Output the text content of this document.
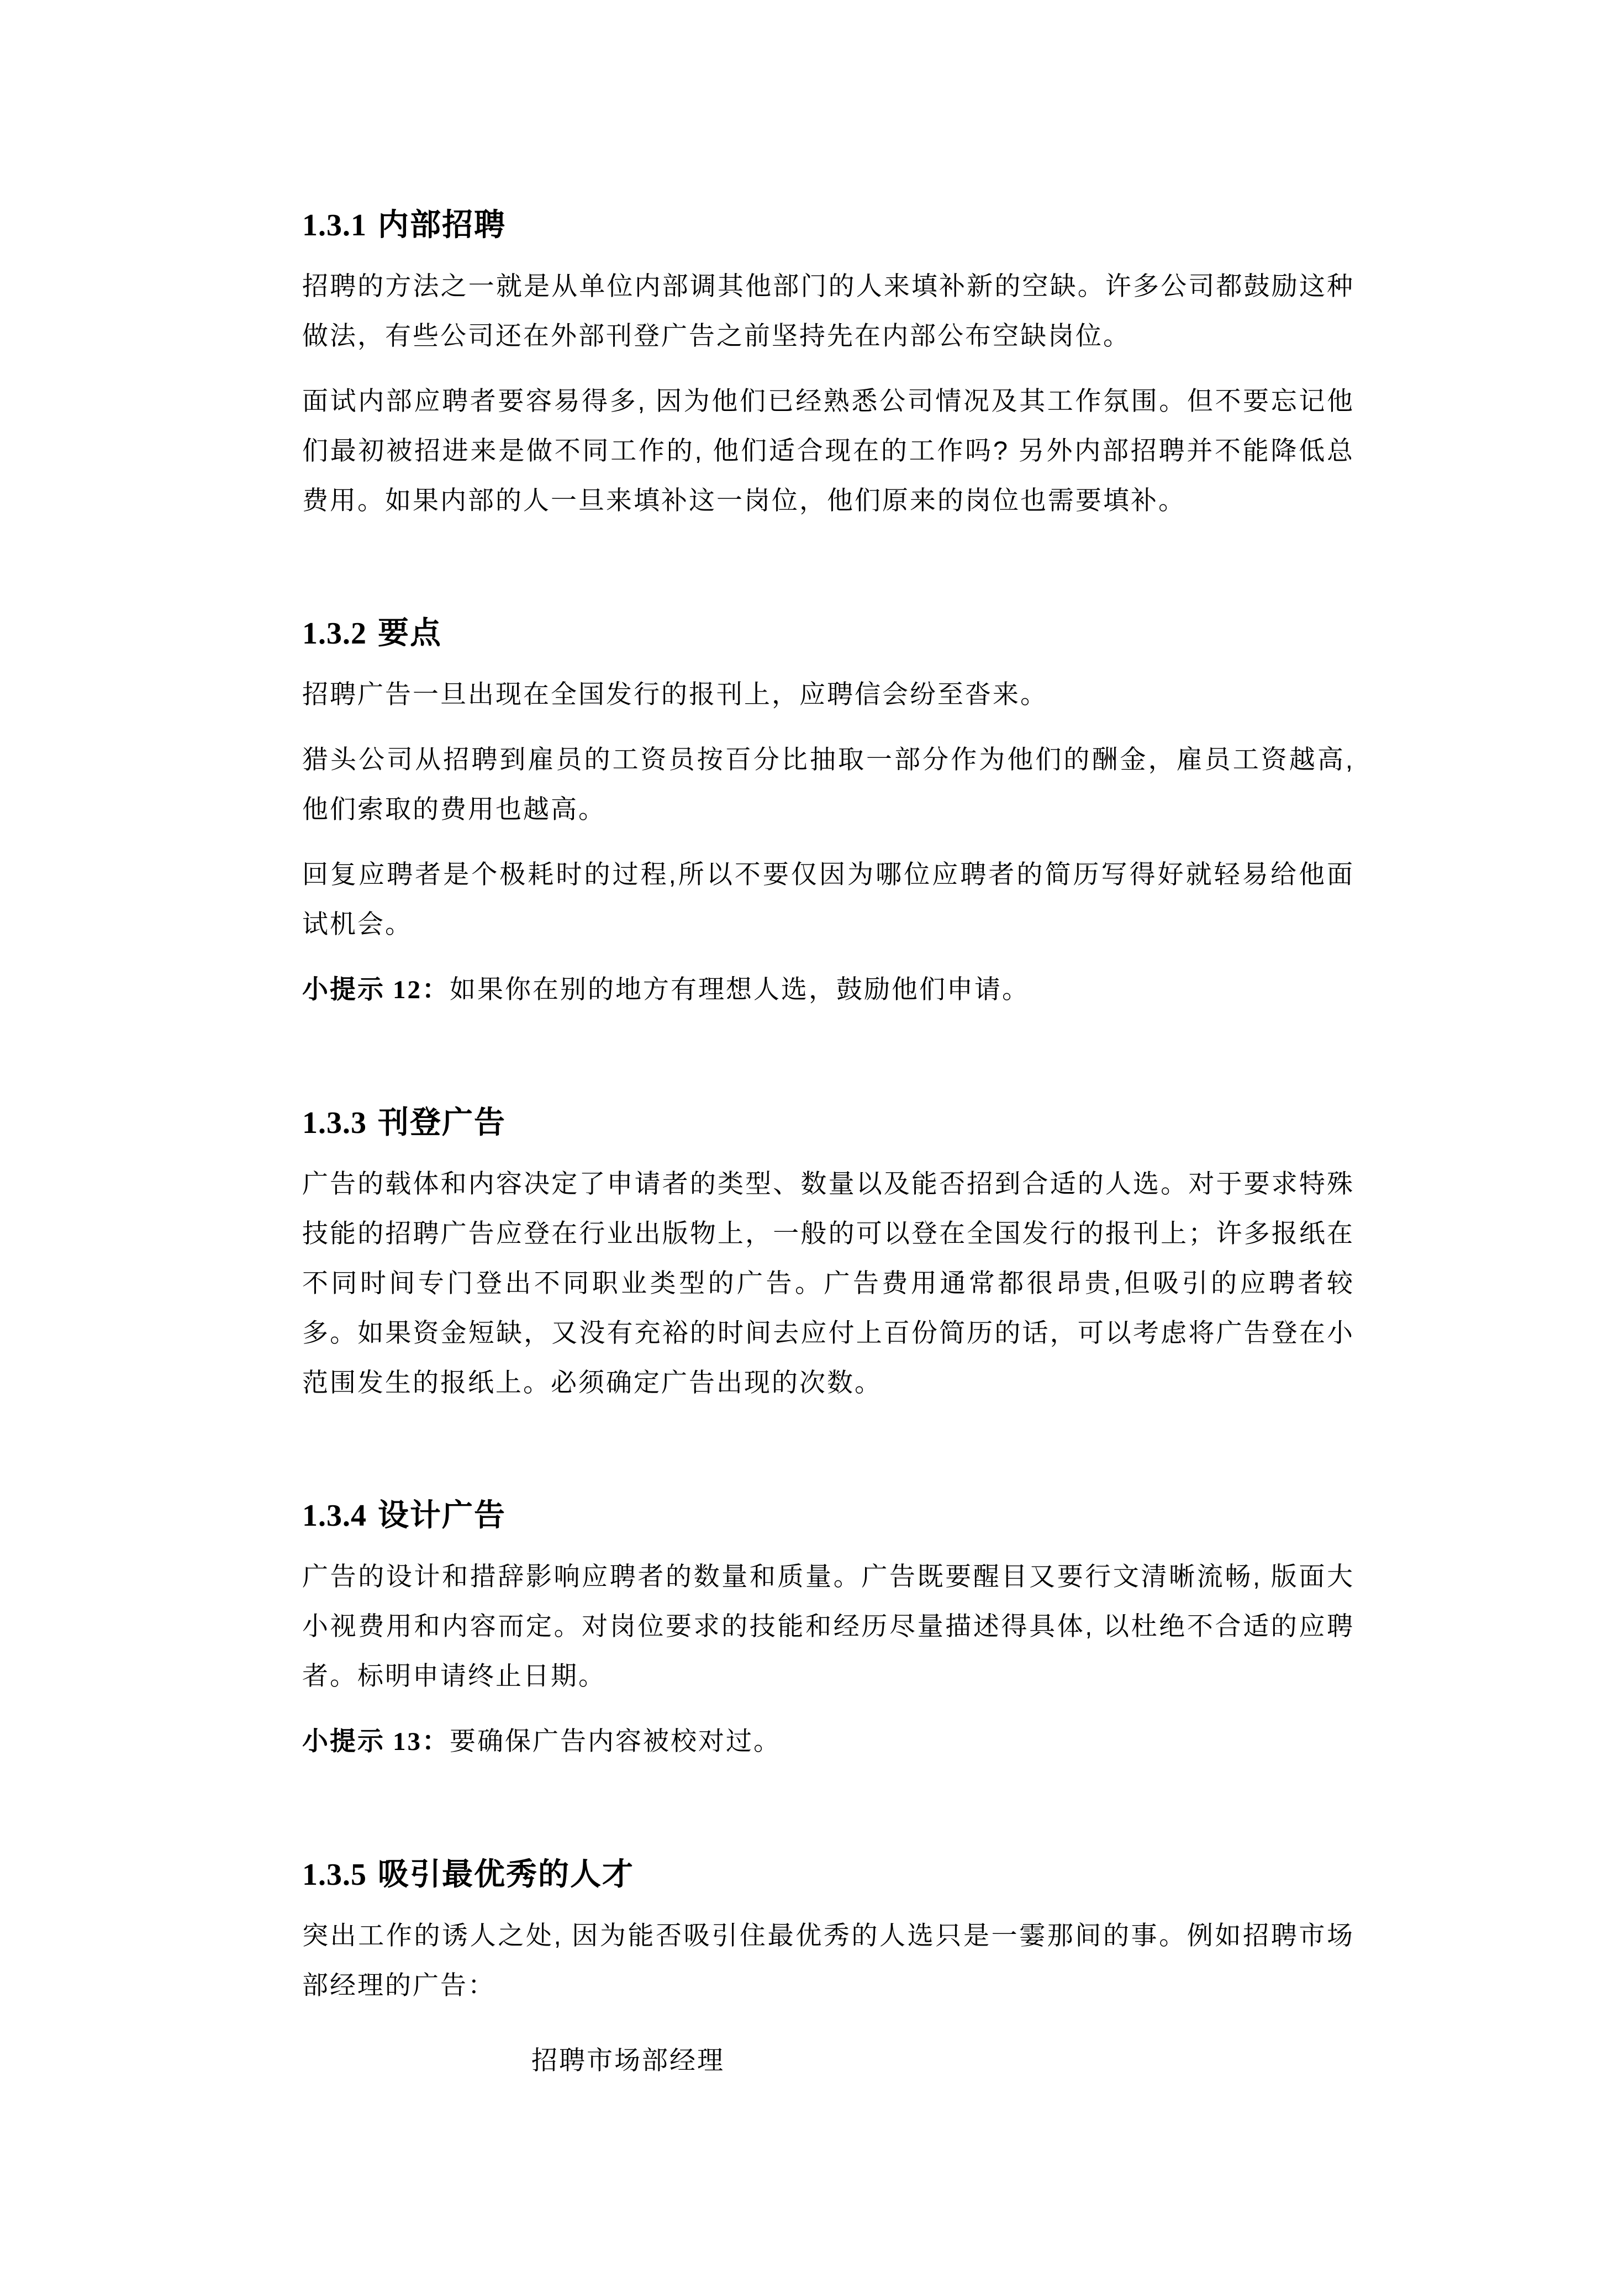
1.3.1 内部招聘

招聘的方法之一就是从单位内部调其他部门的人来填补新的空缺。许多公司都鼓励这种做法，有些公司还在外部刊登广告之前坚持先在内部公布空缺岗位。

面试内部应聘者要容易得多, 因为他们已经熟悉公司情况及其工作氛围。但不要忘记他们最初被招进来是做不同工作的, 他们适合现在的工作吗? 另外内部招聘并不能降低总费用。如果内部的人一旦来填补这一岗位，他们原来的岗位也需要填补。

1.3.2 要点

招聘广告一旦出现在全国发行的报刊上，应聘信会纷至沓来。

猎头公司从招聘到雇员的工资员按百分比抽取一部分作为他们的酬金，雇员工资越高,他们索取的费用也越高。

回复应聘者是个极耗时的过程,所以不要仅因为哪位应聘者的简历写得好就轻易给他面试机会。

小提示 12：如果你在别的地方有理想人选，鼓励他们申请。

1.3.3 刊登广告

广告的载体和内容决定了申请者的类型、数量以及能否招到合适的人选。对于要求特殊技能的招聘广告应登在行业出版物上，一般的可以登在全国发行的报刊上；许多报纸在不同时间专门登出不同职业类型的广告。广告费用通常都很昂贵,但吸引的应聘者较多。如果资金短缺，又没有充裕的时间去应付上百份简历的话，可以考虑将广告登在小范围发生的报纸上。必须确定广告出现的次数。

1.3.4 设计广告

广告的设计和措辞影响应聘者的数量和质量。广告既要醒目又要行文清晰流畅, 版面大小视费用和内容而定。对岗位要求的技能和经历尽量描述得具体, 以杜绝不合适的应聘者。标明申请终止日期。

小提示 13：要确保广告内容被校对过。

1.3.5 吸引最优秀的人才

突出工作的诱人之处, 因为能否吸引住最优秀的人选只是一霎那间的事。例如招聘市场部经理的广告：

招聘市场部经理
